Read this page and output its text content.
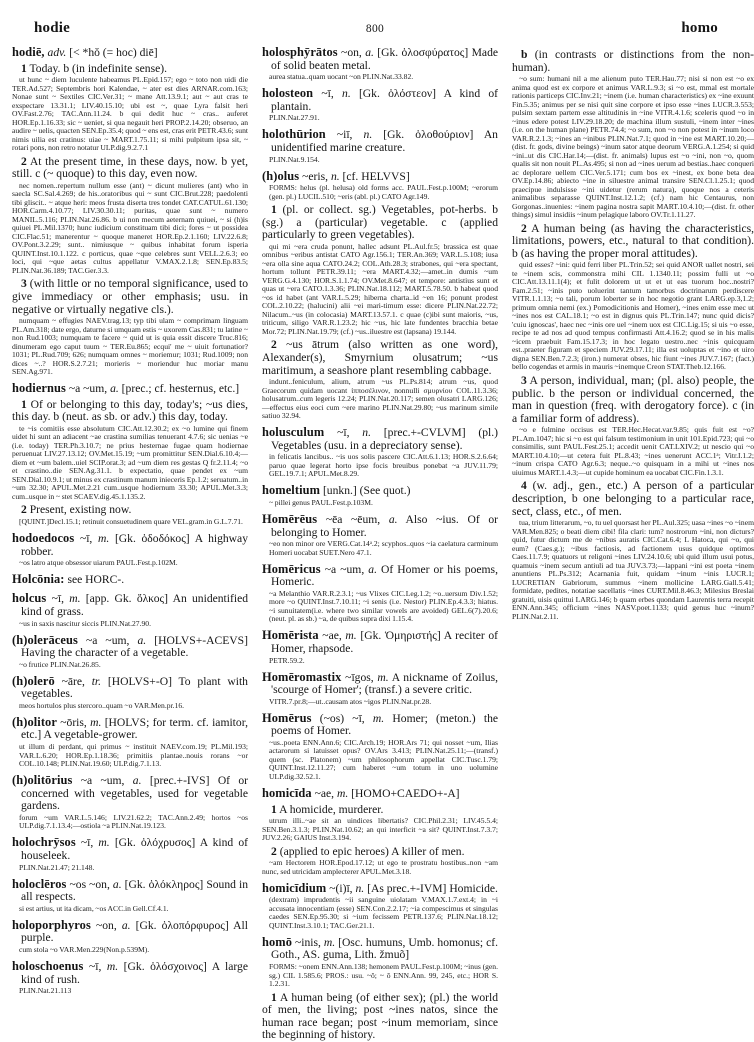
hodie	800	homo
hodiē, adv. [< *hŏ (= hoc) diē]
1 Today. b (in indefinite sense).
ut hunc ~ diem luculente habeamus PL.Epid.157; ego ~ toto non uidi die TER.Ad.527; Septembris hori Kalendae, ~ ater est dies ARNAR.com.163; Nonae sunt ~ Sextiles CIC.Ver.31; ~ mane Att.13.9.1; aut ~ aut cras te exspectare 13.31.1; LIV.40.15.10; ubi est ~, quae Lyra falsit heri OV.Fast.2.76; TAC.Ann.11.24. b qui dedit huc ~ cras.. auferet HOR.Ep.1.16.33; sic ~ ueniet, si qua negauit heri PROP.2.14.20; obseruo, an audire ~ uelis, quacten SEN.Ep.35.4; quod ~ ens est, cras erit PETR.43.6; sunt nimis uilia est cratinus: uiae ~ MART.1.75.11; si mihi pulpitum ipsa sit, ~ rotari pons, non retro notatur ULP.dig.9.2.7.1
2 At the present time, in these days, now. b yet, still. c (~ quoque) to this day, even now.
nec nomen..repertum nullum esse (ant) ~ dicunt mulieres (ant) who in saecla SC.Sal.4.269; de his..oratoribus qui ~ sunt CIC.Brut.228; paedolenti tibi gliscit.. ~ atque heri: meos frusta diserta tres tondet CAT.CATUL.61.130; HOR.Carm.4.10.77; LIV.30.30.11; puritas, quae sunt ~ numero MANIL.5.116; PLIN.Nat.26.86. b ui non mecum aeternam quiuei, ~ si (h)is quiuei PL.Mil.1370; hunc iudicium constituam tibi dici; fores ~ ut possidea CIC.Flac.51; manerentur ~ quoque maneret HOR.Ep.2.1.160; LIV.22.6.8; OV.Pont.3.2.29; sunt.. nimiusque ~ quibus inhabitat forum isperia QUINT.Inst.10.1.122. c porticus, quae ~que celebres sunt VELL.2.6.3; eo loci, qui ~que aetas cultus appellatur V.MAX.2.1.8; SEN.Ep.83.5; PLIN.Nat.36.189; TAC.Ger.3.3.
3 (with little or no temporal significance, used to give immediacy or other emphasis; usu. in negative or virtually negative cls.).
numquam ~ effugies NAEV.trag.13; typ tibi ulam ~ comprimam linguam PL.Am.318; date ergo, daturne si umquam estis ~ uxorem Cas.831; tu latine ~ non Rud.1003; numquam te facere ~ quid ut is quia essit discere Truc.816; dinumeram ego caput tuum ~ TER.Eu.865; ecqui' me ~ uiuit fortunatior? 1031; PL.Rud.709; 626; numquam omnes ~ moriemur; 1031; Rud.1009; non dices ~..? HOR.S.2.7.21; morieris ~ moriendur huc moriar manu SEN.Ag.971.
hodiernus ~a ~um, a. [prec.; cf. hesternus, etc.]
1 Of or belonging to this day, today's; ~us dies, this day. b (neut. as sb. or adv.) this day, today.
te ~is comitiis esse absolutum CIC.Att.12.30.2; ex ~o lumine qui finem uidet hi sunt an adiacent ~ae crastina sumilias tenuerant 4.7.6; sic uenias ~e (i.e. today) TER.Ph.3.10.7; ne prius hesternae fugae quam hodiernae peruenuat LIV.27.13.12; OV.Met.15.19; ~um promittitur SEN.Dial.6.10.4;—diem et ~um balem..uiel SCIP.orat.3; ad ~um diem res gestas Q fr.2.11.4; ~o et crastino..die SEN.Ag.31.1. b expectatio, quae pendet ex ~um SEN.Dial.10.9.1; ut minus ex crastinum manum inieceris Ep.1.2; seruatum..in ~um 32.30; APUL.Met.2.21 cum..usque hodiernum 33.30; APUL.Met.3.3; cum..usque in ~ stet SCAEV.dig.45.1.135.2.
2 Present, existing now.
[QUINT.]Decl.15.1; retinuit consuetudinem quare VEL.gram.in G.L.7.71.
hodoedocos ~ī, m. [Gk. ὁδοδόκος] A highway robber.
~os latro atque obsessor uiarum PAUL.Fest.p.102M.
Holcōnia: see HORC-.
holcus ~ī, m. [app. Gk. ὅλκος] An unidentified kind of grass.
~us in saxis nascitur siccis PLIN.Nat.27.90.
(h)olerāceus ~a ~um, a. [HOLVS+-ACEVS] Having the character of a vegetable.
~o frutice PLIN.Nat.26.85.
(h)olerō ~āre, tr. [HOLVS+-O] To plant with vegetables.
meos hortulos plus stercoro..quam ~o VAR.Men.pr.16.
(h)olitor ~ōris, m. [HOLVS; for term. cf. iamitor, etc.] A vegetable-grower.
ut illum di perdant, qui primus ~ instituit NAEV.com.19; PL.Mil.193; VAR.L.6.20; HOR.Ep.1.18.36; primitiis plantae..nouis rorans ~or COL.10.148; PLIN.Nat.19.60; ULP.dig.7.1.13.
(h)olitōrius ~a ~um, a. [prec.+-IVS] Of or concerned with vegetables, used for vegetable gardens.
forum ~um VAR.L.5.146; LIV.21.62.2; TAC.Ann.2.49; hortos ~os ULP.dig.7.1.13.4;—ostiola ~a PLIN.Nat.19.123.
holochrȳsos ~ī, m. [Gk. ὁλόχρυσος] A kind of houseleek.
PLIN.Nat.21.47; 21.148.
holoclēros ~os ~on, a. [Gk. ὁλόκληρος] Sound in all respects.
si est artius, ut ita dicam, ~os ACC.in Gell.Cf.4.1.
holoporphyros ~on, a. [Gk. ὁλοπόρφυρος] All purple.
cum stola ~o VAR.Men.229(Non.p.539M).
holoschoenus ~ī, m. [Gk. ὁλόσχοινος] A large kind of rush.
PLIN.Nat.21.113
holosphȳrātos ~on, a. [Gk. ὁλοσφύρατος] Made of solid beaten metal.
aurea statua..quam uocant ~on PLIN.Nat.33.82.
holosteon ~ī, n. [Gk. ὁλόστεον] A kind of plantain.
PLIN.Nat.27.91.
holothūrion ~iī, n. [Gk. ὁλοθούριον] An unidentified marine creature.
PLIN.Nat.9.154.
(h)olus ~eris, n. [cf. HELVVS]
FORMS: helus (pl. helusa) old forms acc. PAUL.Fest.p.100M; ~erorum (gen. pl.) LUCIL.510; ~eris (abl. pl.) CATO Agr.149.
1 (pl. or collect. sg.) Vegetables, pot-herbs. b (sg.) a (particular) vegetable. c (applied particularly to green vegetables).
qui mi ~era cruda ponunt, hallec adsunt PL.Aul.fr.5; brassica est quae omnibus ~eribus antistat CATO Agr.156.1; TER.An.369; VAR.L.5.108; iusa ~era olla sine aqua CATO.24.2; COL.Ath.28.3; strabones, qui ~era spectant, hortum tollunt PETR.39.11; ~era MART.4.32;—amet..in dumis ~um VERG.G.4.130; HOR.S.1.1.74; OV.Met.8.647; et tempore: antistius sunt et quas ut ~era CATO.1.3.36; PLIN.Nat.18.112; MART.5.78.50. b habeat quod ~os id habet (ant VAR.L.5.29; hiberna charta..id ~en 16; ponunt prodest COL.2.10.22; (halucini) alii ~ei mari-timum esse: dicere PLIN.Nat.22.72; Nilacum..~us (in colocasia) MART.13.57.1. c quae (c)ibi sunt maioris, ~us, triticum, siligo VAR.R.1.23.2; hic ~us, hic late fundentes bracchia betae Mor.72; PLIN.Nat.19.79; (cf.) ~us..iluestre est (lapsana) 19.144.
2 ~us ātrum (also written as one word), Alexander(s), Smyrnium olusatrum; ~us maritimum, a seashore plant resembling cabbage.
indunt..feniculum, alium, atrum ~us PL.Ps.814; atrum ~us, quod Graecorum quidam uocant ἱπποσέλινον, nonnulli σμυρνίου COL.11.3.36; holusatrum..cum legeris 12.24; PLIN.Nat.20.117; semen olusatri LARG.126;—effectus eius eoci cum ~ere marino PLIN.Nat.29.80; ~us marinum simile satiuo 32.94.
holusculum ~ī, n. [prec.+-CVLVM] (pl.) Vegetables (usu. in a depreciatory sense).
in felicatis lancibus.. ~is uos solis pascere CIC.Att.6.1.13; HOR.S.2.6.64; paruo quae legerat horto ipse focis breuibus ponebat ~a JUV.11.79; GEL.19.7.1; APUL.Met.8.29.
homeltium [unkn.] (See quot.)
~ pillei genus PAUL.Fest.p.103M.
Homērēus ~ēa ~ēum, a. Also ~ius. Of or belonging to Homer.
~eo non minor ore VERG.Cat.14ᵃ.2; scyphos..quos ~ia caelatura carminum Homeri uocabat SUET.Nero 47.1.
Homēricus ~a ~um, a. Of Homer or his poems, Homeric.
~a Melanthio VAR.R.2.3.1; ~us Vlixes CIC.Leg.1.2; ~o..uersum Div.1.52; more ~o QUINT.Inst.7.10.11; ~i senis (i.e. Nestor) PLIN.Ep.4.3.3; hiatus. ~i sunuitatem(i.e. where two similar vowels are avoided) GEL.6(7).20.6; (neut. pl. as sb.) ~a, de quibus supra dixi 1.15.4.
Homērista ~ae, m. [Gk. Ὁμηριστής] A reciter of Homer, rhapsode.
PETR.59.2.
Homēromastix ~īgos, m. A nickname of Zoilus, 'scourge of Homer'; (transf.) a severe critic.
VITR.7.pr.8;—ut..causam atos ~igos PLIN.Nat.pr.28.
Homērus (~os) ~ī, m. Homer; (meton.) the poems of Homer.
~us..poeta ENN.Ann.6; CIC.Arch.19; HOR.Ars 71; qui nosset ~um, Ilias actarorum si latuisset opus? OV.Ars 3.413; PLIN.Nat.25.11;—(transf.) quem (sc. Platonem) ~um philosophorum appellat CIC.Tusc.1.79; QUINT.Inst.12.11.27; cum haberet ~um totum in uno uolumine ULP.dig.32.52.1.
homicīda ~ae, m. [HOMO+CAEDO+-A]
1 A homicide, murderer.
utrum illi..~ae sit an uindices libertatis? CIC.Phil.2.31; LIV.45.5.4; SEN.Ben.3.1.3; PLIN.Nat.10.62; an qui interficit ~a sit? QUINT.Inst.7.3.7; JUV.2.26; GAIUS Inst.3.194.
2 (applied to epic heroes) A killer of men.
~am Hectorem HOR.Epod.17.12; ut ego te prostratu hostibus..non ~am nunc, sed utricidam amplecterer APUL.Met.3.18.
homicīdium ~(i)ī, n. [As prec.+-IVM] Homicide.
(dextram) imprudentis ~ii sanguine uiolatam V.MAX.1.7.ext.4; in ~i accusata innocentiam (esse) SEN.Con.2.2.17; ~ia compescimus et singulas caedes SEN.Ep.95.30; si ~ium fecissem PETR.137.6; PLIN.Nat.18.12; QUINT.Inst.3.10.1; TAC.Ger.21.1.
homō ~inis, m. [Osc. humuns, Umb. homonus; cf. Goth., AS. guma, Lith. žmuõ]
FORMS: ~onem ENN.Ann.138; hemonem PAUL.Fest.p.100M; ~inus (gen. sg.) CIL 1.585.6; PROS.: usu. ~ŏ; ~ ō ENN.Ann. 99, 245, etc.; HOR S. 1.2.31.
1 A human being (of either sex); (pl.) the world of men, the living; post ~ines natos, since the human race began; post ~inum memoriam, since the beginning of history.
b (in contrasts or distinctions from the non-human).
~o sum: humani nil a me alienum puto TER.Hau.77; nisi si non est ~o ex anima quod est ex corpore et animus VAR.L.9.3; si ~o est, mmal est mortale rationis particeps CIC.Inv.21; ~inem (i.e. human characteristics) ex ~ine exuunt Fin.5.35; animus per se nisi quit sine corpore et ipso esse ~ines LUCR.3.553; pulsim sextam partem esse altitudinis in ~ine VITR.4.1.6; sceleris quod ~o in ~inus edere potest LIV.29.18.20; de machina illum sustuli, ~inem inter ~ines (i.e. on the human plane) PETR.74.4; ~o sum, non ~o non potest in ~inum loco VAR.R.2.1.3; ~ines an ~inibus PLIN.Nat.7.1; quod in ~ine est MART.10.20;—(dist. fr. gods, divine beings) ~inum sator atque deorum VERG.A.1.254; si quid ~ini..ut dis CIC.Har.14;—(dist. fr. animals) lupus est ~o ~ini, non ~o, quom qualis sit non nouit PL.As.495; si non ad ~ines uerum ad bestias..haec conqueri ac deplorare uellem CIC.Ver.5.171; cum bos ex ~inest, ex bone beta dea OV.Ep.14.86; abiecto ~ine in siluestre animal transire SEN.Cl.1.25.1; quod praecipue indulsisse ~ini uidetur (rerum natura), quoque nos a ceteris animalibus separasse QUINT.Inst.12.1.2; (cf.) nam hic Centaurus, non Gorgonas..inuenies: ~inem pagina nostra sapit MART.10.4.10;—(dist. fr. other things) simul insidiis ~inum pelagique laboro OV.Tr.1.11.27.
2 A human being (as having the characteristics, limitations, powers, etc., natural to that condition). b (as having the proper moral attitudes).
quid esses? ~ini: quid ferri liber PL.Trin.52; sei quid ANOR uallet nostri, sei te ~inem scis, commonstra mihi CIL 1.1340.11; possim fulli ut ~o CIC.Att.13.11.1(4); et fulit dolorem ut ut et ut eas tuorum hoc..nostri? Fam.2.51; ~inis puto uoluerint tantum tamorbus doctrinarum perdiscere VITR.1.1.13; ~o tali, porum loberter se in hoc negotio grant LARG.ep.3,1.2; primum omnia nemi (ex.) Pomodicitionis and Homer), ~ines enim esse mec ut ~ines nos est CAL.18.1; ~o est in dignus quis PL.Trin.147; nunc quid dicis? 'cuiu ignoscas', haec nec ~inis ore uel ~inem uox est CIC.Lig.15; si uis ~o esse, recipe te ad nos ad quod tempus confirmasti Att.4.16.2; quod se in his malis ~icem praebuit Fam.15.17.3; in hoc legato uestro..nec ~inis quicquam est..praeter figuram et speciem JUV.29.17.11; illa est uoluptas et ~ino et uiro digna SEN.Ben.7.2.3; (iron.) numerat obses, hic fiunt ~ines JUV.7.167; (fact.) bello cogendas et armis in mauris ~inemque Creon STAT.Theb.12.166.
3 A person, individual, man; (pl. also) people, the public. b the person or individual concerned, the man in question (freq. with derogatory force). c (in a familiar form of address).
~o e fulmine occisus est TER.Hec.Hecat.var.9.85; quis fuit est ~o? PL.Am.1047; hic si ~o est qui falsum testimonium in unit 101.Epid.723; qui ~o consimilis, sunt PAUL.Fest.25.1; accedit uenit CAT.LXIV.2; ut nescio qui ~o MART.10.4.10;—ut cetera fuit PL.8.43; ~ines uenerunt ACC.1ᵃ; Vitr.I.1.2; ~inum crispa CATO Agr.6.3; neque..~o quisquam in a mihi ut ~ines nos uiuimus MART.1.4.3;—ut cupide hominum ea uocabat CIC.Fin.1.3.1.
4 (w. adj., gen., etc.) A person of a particular description, b one belonging to a particular race, sect, class, etc., of men.
tua, trium litterarum, ~o, tu uel quorsast her PL.Aul.325; uasa ~ines ~o ~inem VAR.Men.825; o beati diem cibi! fila clari: tum? nostrorum ~ini, non dicturs? quid, futur dictum me de ~nibus auratis CIC.Cat.6.4; L Hatoca, qui ~o, qui eum? (Caes.g.); ~ibus factiosis, ad factionem usus quidque optimos Caes.11.7.9; quatuors ut religoni ~ines LIV.24.10.6; ubi quid illum usui potus, quamuis ~inem secum antiuli ad tua JUV.3.73;—lappani ~ini est poeta ~inem anuntiens PL.Ps.312; Acarnania fuit, quidam ~inum ~inis LUCR.1; LUCRETIAN Gabriorum, summus ~inem mollicine LARG.Gall.5.41; formidate, pedites, notatiae sacellatis ~ines CURT.Mil.8.46.3; Milesius Breslai gratuiti, uisis quittui LARG.146; b quam erbes quondam Laurentis terra recepit ENN.Ann.345; officium ~ines NASV.poet.1133; quid genus huc ~inum? PLIN.Nat.2.11.
